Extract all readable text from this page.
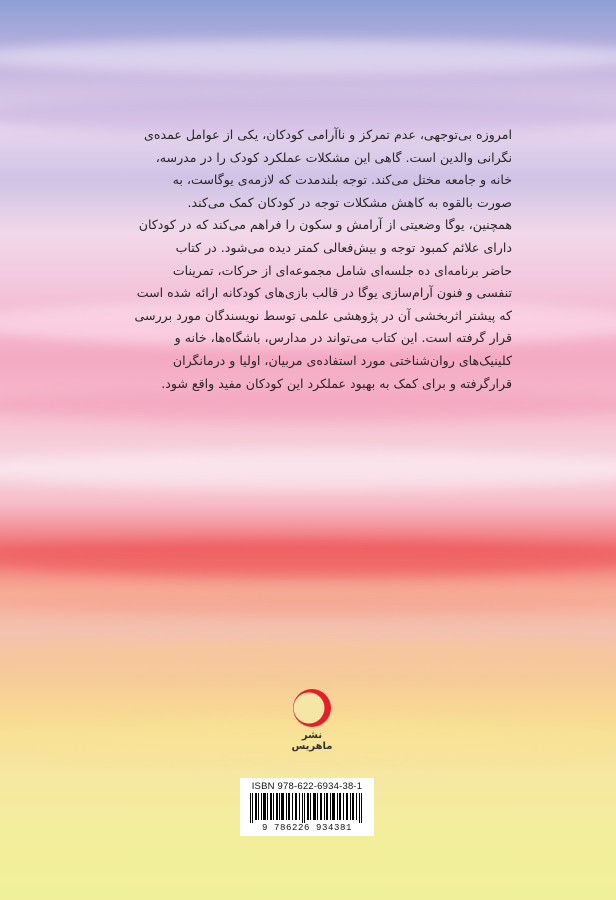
امروزه بی‌توجهی، عدم تمرکز و ناآرامی کودکان، یکی از عوامل عمده‌ی

نگرانی والدین است. گاهی این مشکلات عملکرد کودک را در مدرسه،

خانه و جامعه مختل می‌کند. توجه بلندمدت که لازمه‌ی یوگاست، به

صورت بالقوه به کاهش مشکلات توجه در کودکان کمک می‌کند.

همچنین، یوگا وضعیتی از آرامش و سکون را فراهم می‌کند که در کودکان

دارای علائم کمبود توجه و بیش‌فعالی کمتر دیده می‌شود. در کتاب

حاضر برنامه‌ای ده جلسه‌ای شامل مجموعه‌ای از حرکات، تمرینات

تنفسی و فنون آرام‌سازی یوگا در قالب بازی‌های کودکانه ارائه شده است

که پیشتر اثربخشی آن در پژوهشی علمی توسط نویسندگان مورد بررسی

قرار گرفته است. این کتاب می‌تواند در مدارس، باشگاه‌ها، خانه و

کلینیک‌های روان‌شناختی مورد استفاده‌ی مربیان، اولیا و درمانگران

قرارگرفته و برای کمک به بهبود عملکرد این کودکان مفید واقع شود.

نشر ماهریس
ISBN 978-622-6934-38-1
9 786226 934381
